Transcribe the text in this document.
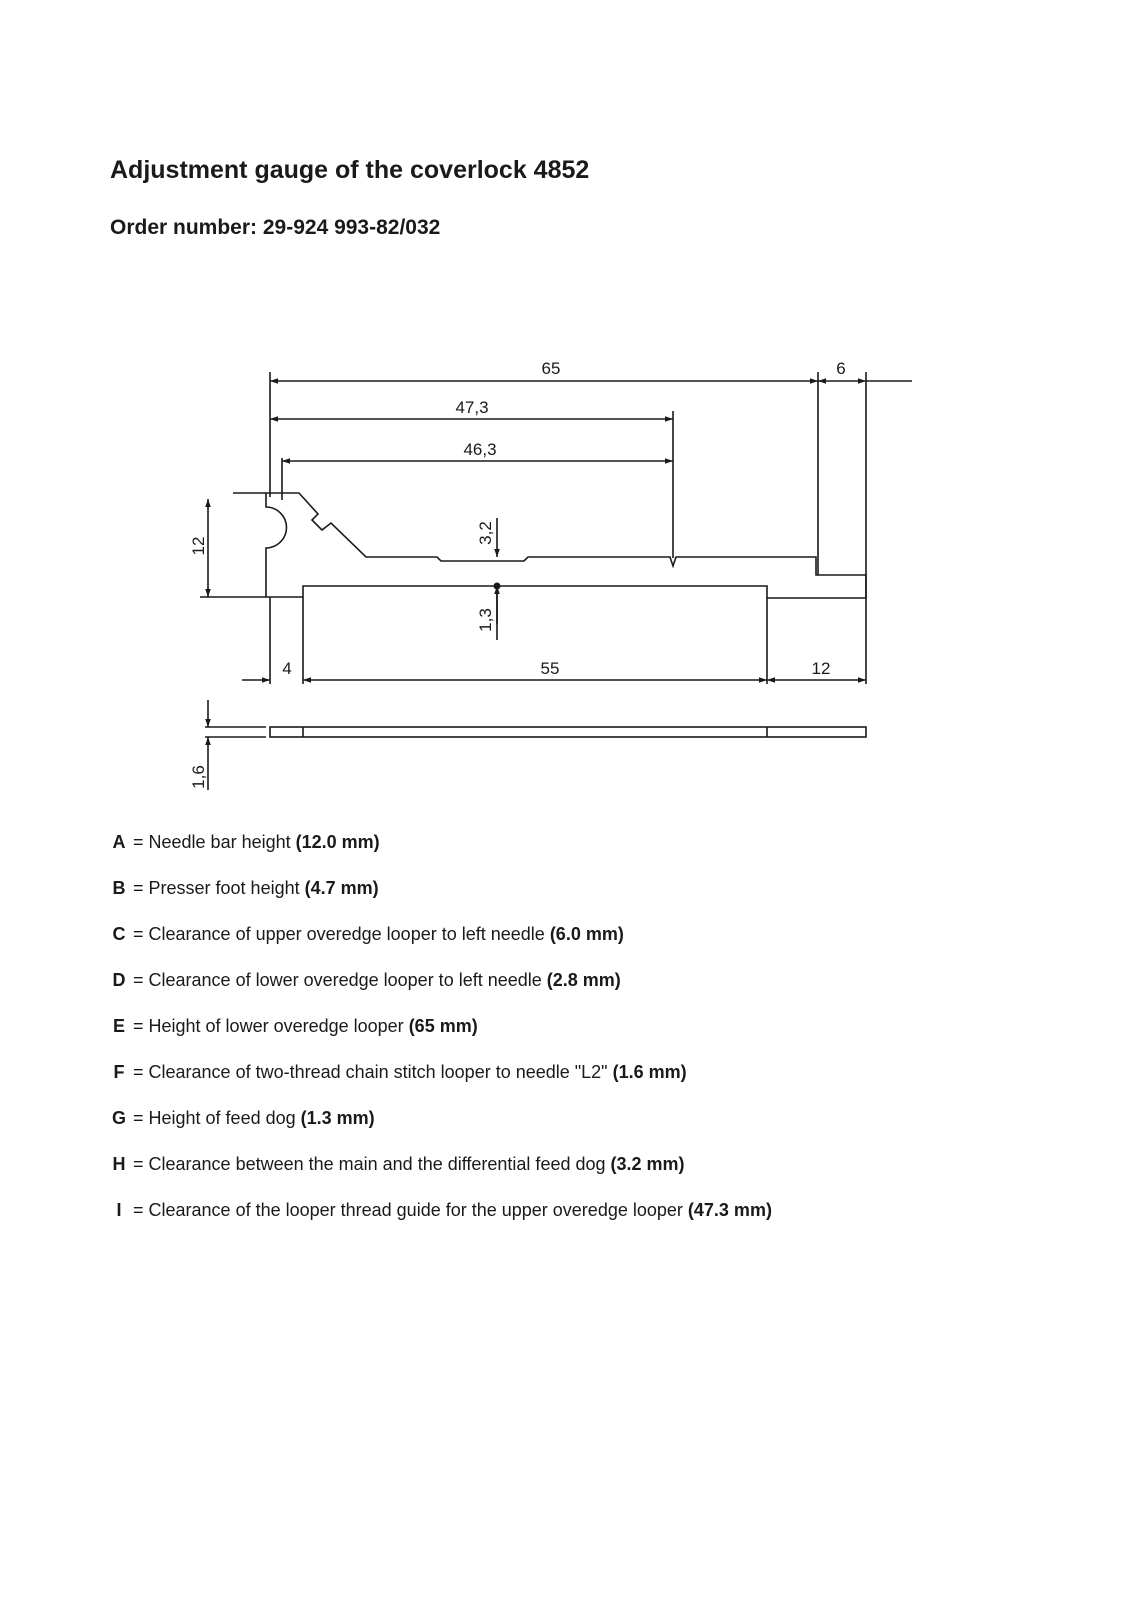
Adjustment gauge of the coverlock 4852
Order number: 29-924 993-82/032
65	6
47,3
46,3
12
3,2
1,3
4	55	12
1,6
A = Needle bar height (12.0 mm)
B = Presser foot height (4.7 mm)
C = Clearance of upper overedge looper to left needle (6.0 mm)
D = Clearance of lower overedge looper to left needle (2.8 mm)
E = Height of lower overedge looper (65 mm)
F = Clearance of two-thread chain stitch looper to needle "L2" (1.6 mm)
G = Height of feed dog (1.3 mm)
H = Clearance between the main and the differential feed dog (3.2 mm)
I = Clearance of the looper thread guide for the upper overedge looper (47.3 mm)
